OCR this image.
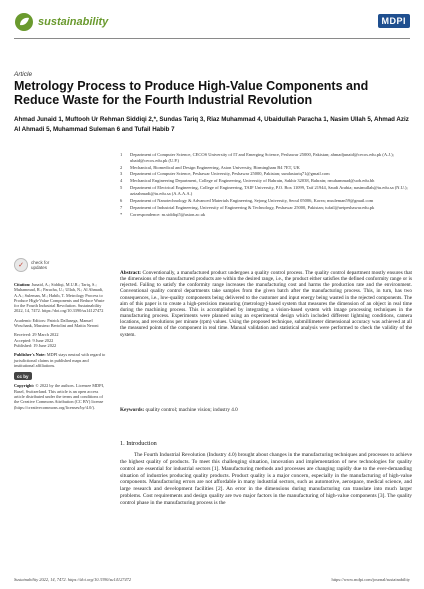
sustainability	MDPI
Article
Metrology Process to Produce High-Value Components and Reduce Waste for the Fourth Industrial Revolution
Ahmad Junaid 1, Muftooh Ur Rehman Siddiqi 2,*, Sundas Tariq 3, Riaz Muhammad 4, Ubaidullah Paracha 1, Nasim Ullah 5, Ahmad Aziz Al Ahmadi 5, Muhammad Suleman 6 and Tufail Habib 7
1	Department of Computer Science, CECOS University of IT and Emerging Science, Peshawar 25000, Pakistan; ahmadjunaid@cecos.edu.pk (A.J.); ubaid@cecos.edu.pk (U.P.)
2	Mechanical, Biomedical and Design Engineering, Aston University, Birmingham B4 7ET, UK
3	Department of Computer Science, Peshawar University, Peshawar 25000, Pakistan; sundastariq71@gmail.com
4	Mechanical Engineering Department, College of Engineering, University of Bahrain, Sakhir 32038, Bahrain; rmuhammad@uob.edu.bh
5	Department of Electrical Engineering, College of Engineering, TAIF University, P.O. Box 11099, Taif 21944, Saudi Arabia; nasimullah@tu.edu.sa (N.U.); azizahmadi@tu.edu.sa (A.A.A.A.)
6	Department of Nanotechnology & Advanced Materials Engineering, Sejong University, Seoul 05006, Korea; msuleman59@gmail.com
7	Department of Industrial Engineering, University of Engineering & Technology, Peshawar 25000, Pakistan; tufail@uetpeshawar.edu.pk
*	Correspondence: m.siddiqi5@aston.ac.uk
✓	check for
updates
Citation: Junaid, A.; Siddiqi, M.U.R.; Tariq, S.; Muhammad, R.; Paracha, U.; Ullah, N.; Al Ahmadi, A.A.; Suleman, M.; Habib, T. Metrology Process to Produce High-Value Components and Reduce Waste for the Fourth Industrial Revolution. Sustainability 2022, 14, 7472. https://doi.org/10.3390/su14127472
Academic Editors: Patrick Dallasega, Manuel Woschank, Massimo Bertolini and Mattia Neroni
Received: 29 March 2022
Accepted: 9 June 2022
Published: 19 June 2022
Publisher's Note: MDPI stays neutral with regard to jurisdictional claims in published maps and institutional affiliations.
cc by
Copyright: © 2022 by the authors. Licensee MDPI, Basel, Switzerland. This article is an open access article distributed under the terms and conditions of the Creative Commons Attribution (CC BY) license (https://creativecommons.org/licenses/by/4.0/).
Abstract: Conventionally, a manufactured product undergoes a quality control process. The quality control department mostly ensures that the dimensions of the manufactured products are within the desired range, i.e., the product either satisfies the defined conformity range or is rejected. Failing to satisfy the conformity range increases the manufacturing cost and harms the production rate and the environment. Conventional quality control departments take samples from the given batch after the manufacturing process. This, in turn, has two consequences, i.e., low-quality components being delivered to the customer and input energy being wasted in the rejected components. The aim of this paper is to create a high-precision measuring (metrology)-based system that measures the dimension of an object in real time during the machining process. This is accomplished by integrating a vision-based system with image processing techniques in the manufacturing process. Experiments were planned using an experimental design which included different lightning conditions, camera locations, and revolutions per minute (rpm) values. Using the proposed technique, submillimeter dimensional accuracy was achieved at all the measured points of the component in real time. Manual validation and statistical analysis were performed to check the validity of the system.
Keywords: quality control; machine vision; industry 4.0
1. Introduction
The Fourth Industrial Revolution (Industry 4.0) brought about changes in the manufacturing techniques and processes to achieve the highest quality of products. To meet this challenging situation, innovation and implementation of new technologies for quality control are essential for industrial sectors [1]. Manufacturing methods and processes are changing rapidly due to the ever-demanding situation of industries producing quality products. Product quality is a major concern, especially in the manufacturing of high-value components. Manufacturing errors are not affordable in many industrial sectors, such as automotive, aerospace, medical science, and large research and development facilities [2]. An error in the dimensions during manufacturing can translate into much larger problems. Cost requirements and design quality are two major factors in the manufacturing of high-value components [3]. The quality control phase in the manufacturing process is the
Sustainability 2022, 14, 7472. https://doi.org/10.3390/su14127472	https://www.mdpi.com/journal/sustainability
